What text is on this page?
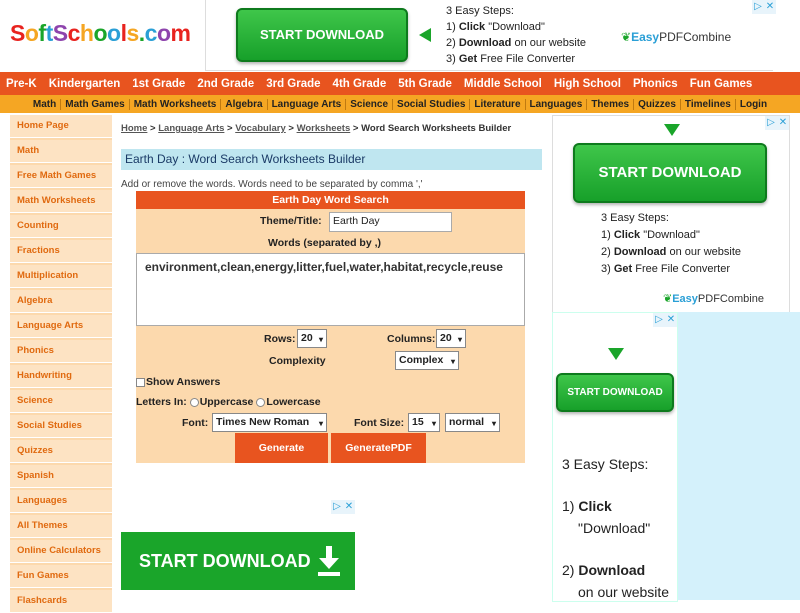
SoftSchools.com	START DOWNLOAD
3 Easy Steps:
1) Click "Download"
2) Download on our website
3) Get Free File Converter
❦EasyPDFCombine
▷ ✕
Pre-K	Kindergarten	1st Grade	2nd Grade	3rd Grade	4th Grade	5th Grade	Middle School	High School	Phonics	Fun Games
Math Math Games Math Worksheets Algebra Language Arts Science Social Studies Literature Languages Themes Quizzes Timelines Login
Home Page
Math
Free Math Games
Math Worksheets
Counting
Fractions
Multiplication
Algebra
Language Arts
Phonics
Handwriting
Science
Social Studies
Quizzes
Spanish
Languages
All Themes
Online Calculators
Fun Games
Flashcards
Home > Language Arts > Vocabulary > Worksheets > Word Search Worksheets Builder
Earth Day : Word Search Worksheets Builder
Add or remove the words. Words need to be separated by comma ','
Earth Day Word Search
Theme/Title:	Earth Day
Words (separated by ,)
environment,clean,energy,litter,fuel,water,habitat,recycle,reuse
Rows: 20 ▾	Columns: 20 ▾
Complexity	Complex ▾
Show Answers
Letters In: Uppercase Lowercase
Font: Times New Roman ▾	Font Size: 15 ▾	normal ▾
Generate	GeneratePDF
▷ ✕
START DOWNLOAD
▷ ✕
START DOWNLOAD
3 Easy Steps:
1) Click "Download"
2) Download on our website
3) Get Free File Converter
❦EasyPDFCombine
▷ ✕
START DOWNLOAD
3 Easy Steps:
1) Click
"Download"
2) Download
on our website
